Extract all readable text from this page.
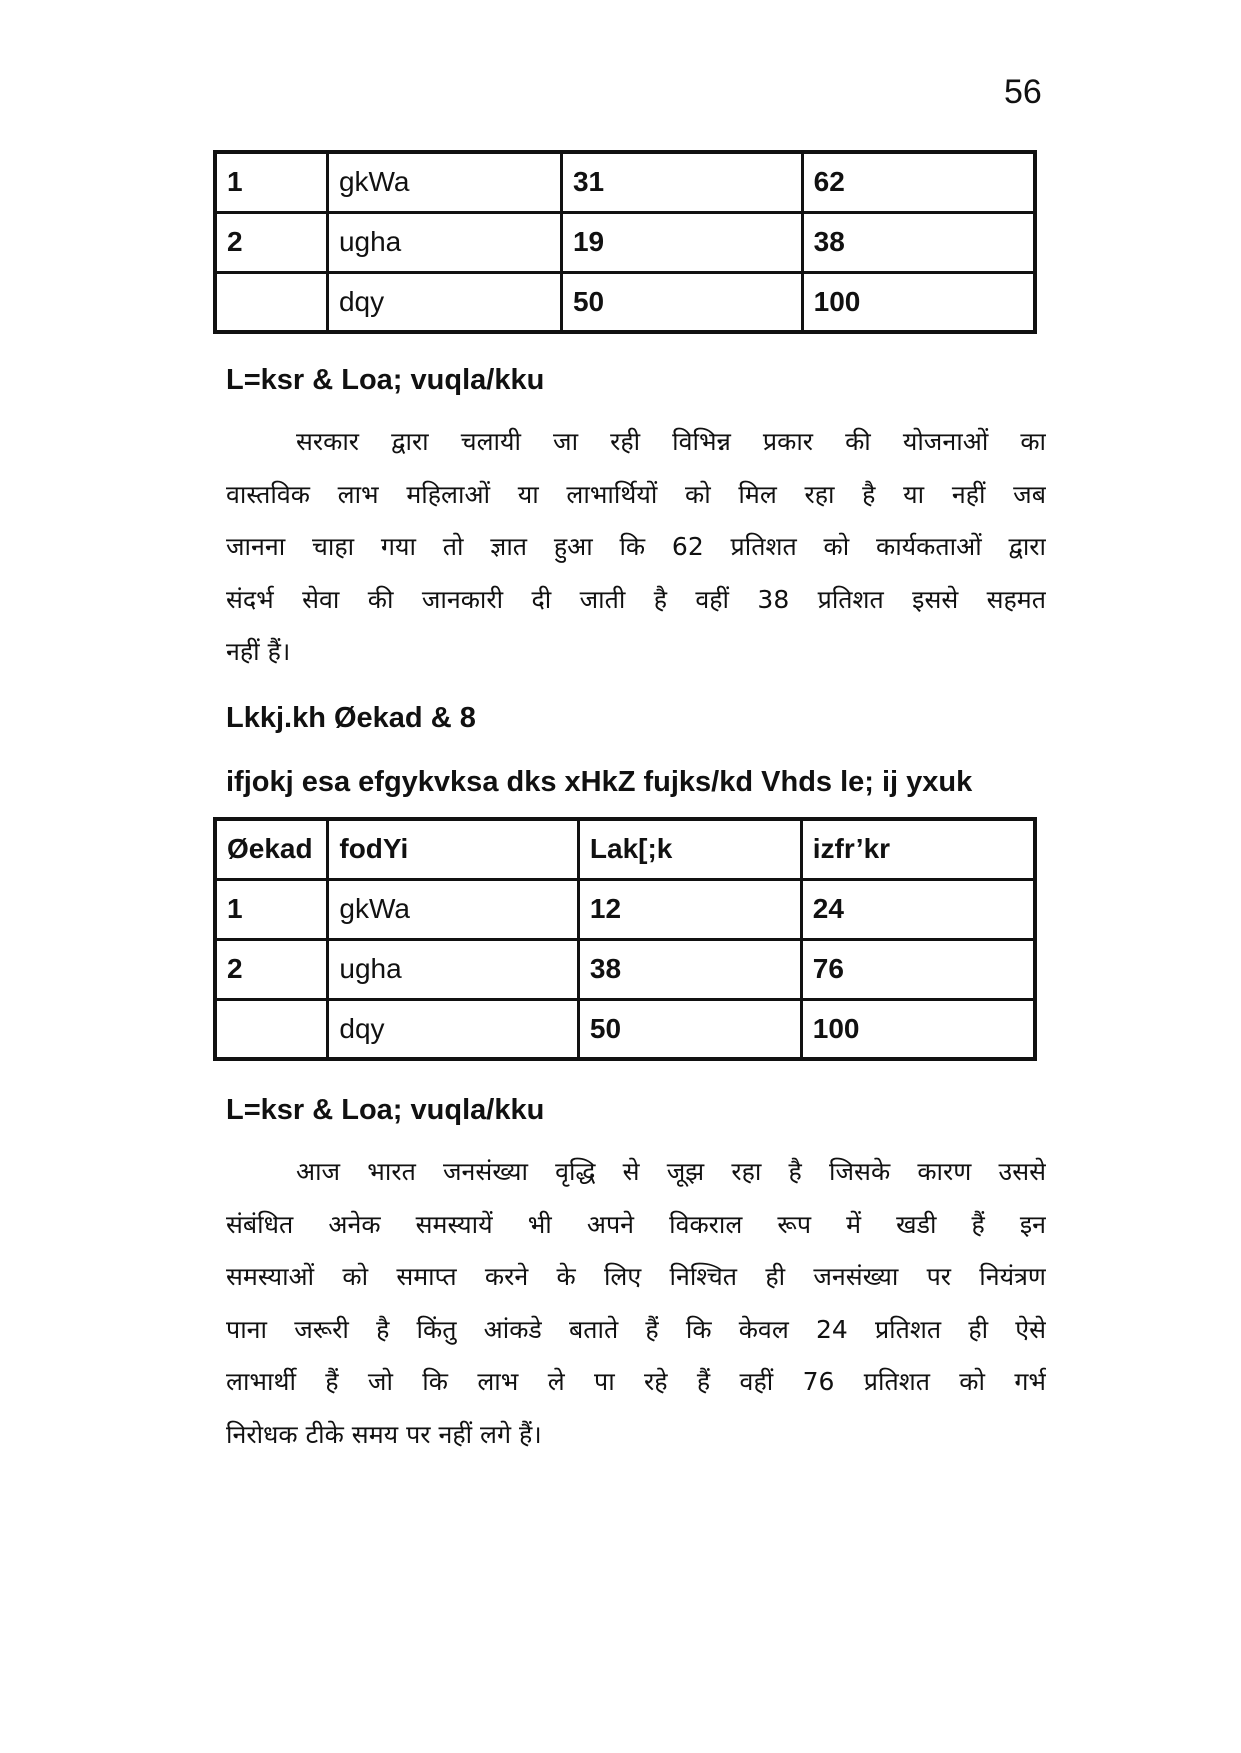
56
1	gkWa	31	62
2	ugha	19	38
	dqy	50	100
L=ksr & Loa; vuqla/kku
सरकार द्वारा चलायी जा रही विभिन्न प्रकार की योजनाओं का
वास्तविक लाभ महिलाओं या लाभार्थियों को मिल रहा है या नहीं जब
जानना चाहा गया तो ज्ञात हुआ कि 62 प्रतिशत को कार्यकताओं द्वारा
संदर्भ सेवा की जानकारी दी जाती है वहीं 38 प्रतिशत इससे सहमत
नहीं हैं।
Lkkj.kh Øekad & 8
ifjokj esa efgykvksa dks xHkZ fujks/kd Vhds le; ij yxuk
Øekad	fodYi	Lak[;k	izfr’kr
1	gkWa	12	24
2	ugha	38	76
	dqy	50	100
L=ksr & Loa; vuqla/kku
आज भारत जनसंख्या वृद्धि से जूझ रहा है जिसके कारण उससे
संबंधित अनेक समस्यायें भी अपने विकराल रूप में खडी हैं इन
समस्याओं को समाप्त करने के लिए निश्चित ही जनसंख्या पर नियंत्रण
पाना जरूरी है किंतु आंकडे बताते हैं कि केवल 24 प्रतिशत ही ऐसे
लाभार्थी हैं जो कि लाभ ले पा रहे हैं वहीं 76 प्रतिशत को गर्भ
निरोधक टीके समय पर नहीं लगे हैं।
